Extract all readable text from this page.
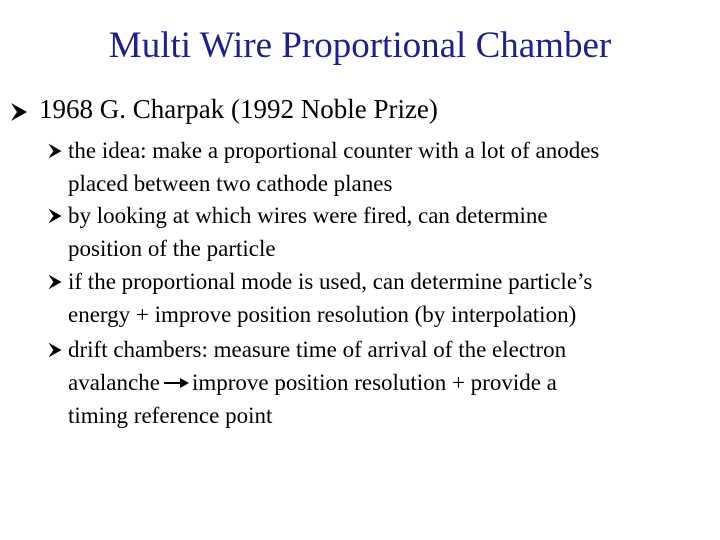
Multi Wire Proportional Chamber
1968 G. Charpak (1992 Noble Prize)
the idea: make a proportional counter with a lot of anodes
placed between two cathode planes
by looking at which wires were fired, can determine
position of the particle
if the proportional mode is used, can determine particle’s
energy + improve position resolution (by interpolation)
drift chambers: measure time of arrival of the electron
avalanche improve position resolution + provide a
timing reference point
